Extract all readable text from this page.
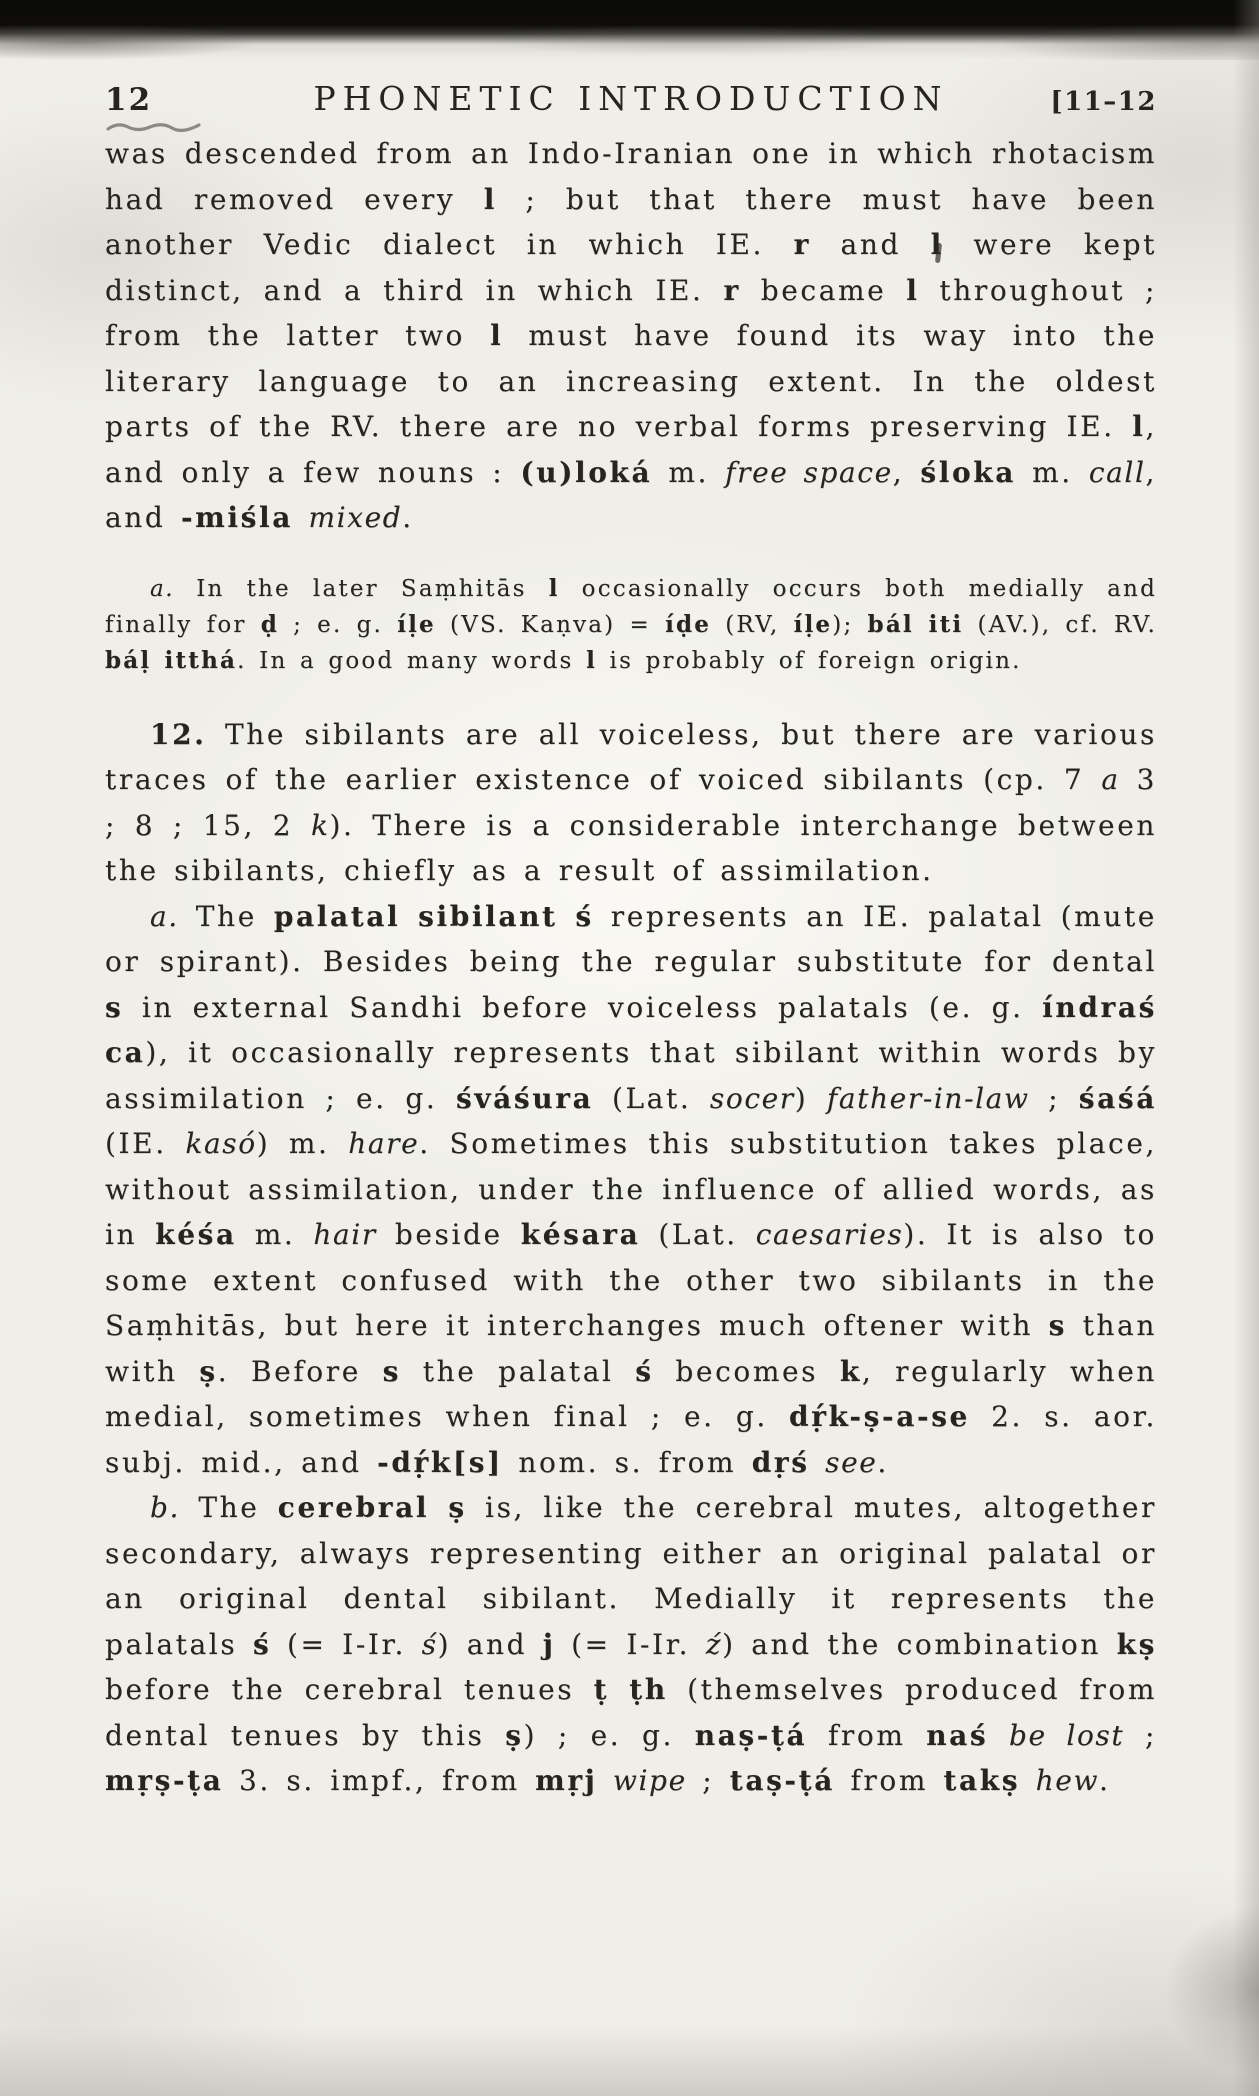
12	PHONETIC INTRODUCTION	[11–12

was descended from an Indo-Iranian one in which rhotacism had removed every l ; but that there must have been another Vedic dialect in which IE. r and l were kept distinct, and a third in which IE. r became l throughout ; from the latter two l must have found its way into the literary language to an increasing extent. In the oldest parts of the RV. there are no verbal forms preserving IE. l, and only a few nouns : (u)loká m. free space, śloka m. call, and -miśla mixed.

a. In the later Saṃhitās l occasionally occurs both medially and finally for ḍ ; e. g. íḷe (VS. Kaṇva) = íḍe (RV, íḷe); bál iti (AV.), cf. RV. báḷ itthá. In a good many words l is probably of foreign origin.

12. The sibilants are all voiceless, but there are various traces of the earlier existence of voiced sibilants (cp. 7 a 3 ; 8 ; 15, 2 k). There is a considerable interchange between the sibilants, chiefly as a result of assimilation.

a. The palatal sibilant ś represents an IE. palatal (mute or spirant). Besides being the regular substitute for dental s in external Sandhi before voiceless palatals (e. g. índraś ca), it occasionally represents that sibilant within words by assimilation ; e. g. śváśura (Lat. socer) father-in-law ; śaśá (IE. kasó) m. hare. Sometimes this substitution takes place, without assimilation, under the influence of allied words, as in kéśa m. hair beside késara (Lat. caesaries). It is also to some extent confused with the other two sibilants in the Saṃhitās, but here it interchanges much oftener with s than with ṣ. Before s the palatal ś becomes k, regularly when medial, sometimes when final ; e. g. dṛ́k-ṣ-a-se 2. s. aor. subj. mid., and -dṛ́k[s] nom. s. from dṛś see.

b. The cerebral ṣ is, like the cerebral mutes, altogether secondary, always representing either an original palatal or an original dental sibilant. Medially it represents the palatals ś (= I-Ir. ś) and j (= I-Ir. ź) and the combination kṣ before the cerebral tenues ṭ ṭh (themselves produced from dental tenues by this ṣ) ; e. g. naṣ-ṭá from naś be lost ; mṛṣ-ṭa 3. s. impf., from mṛj wipe ; taṣ-ṭá from takṣ hew.
